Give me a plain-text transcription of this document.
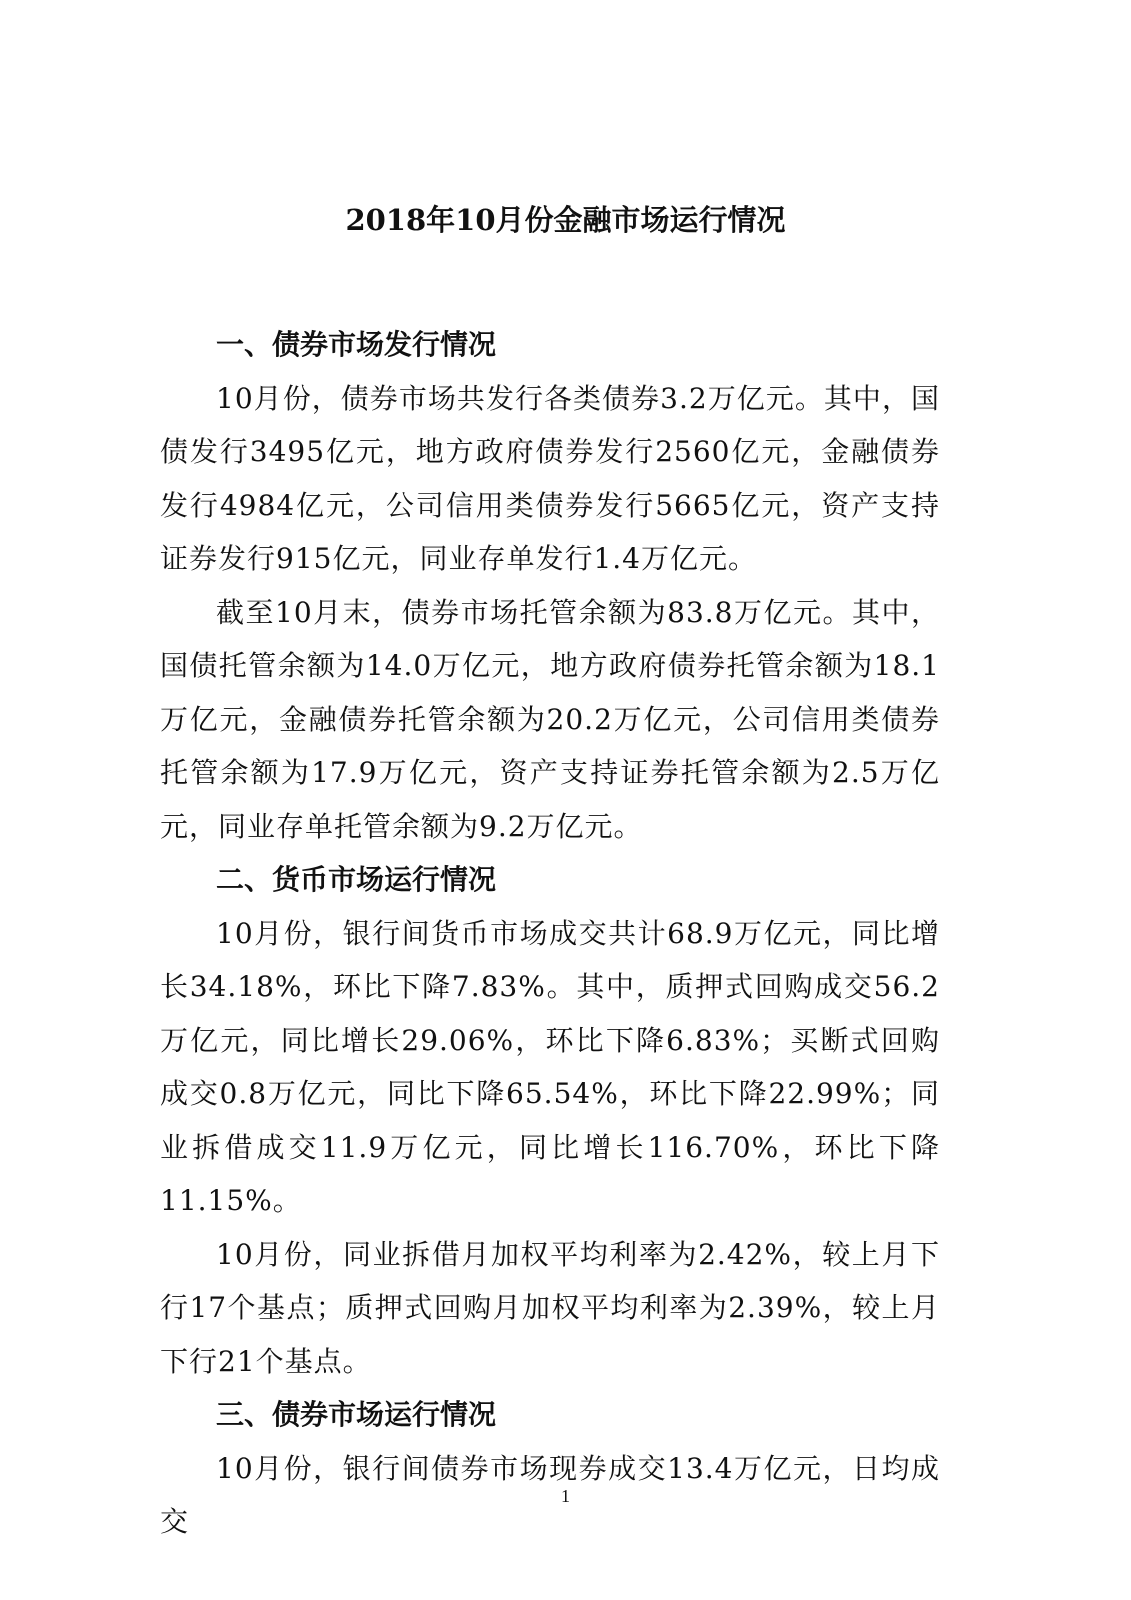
2018年10月份金融市场运行情况

一、债券市场发行情况

10月份，债券市场共发行各类债券3.2万亿元。其中，国债发行3495亿元，地方政府债券发行2560亿元，金融债券发行4984亿元，公司信用类债券发行5665亿元，资产支持证券发行915亿元，同业存单发行1.4万亿元。

截至10月末，债券市场托管余额为83.8万亿元。其中，国债托管余额为14.0万亿元，地方政府债券托管余额为18.1万亿元，金融债券托管余额为20.2万亿元，公司信用类债券托管余额为17.9万亿元，资产支持证券托管余额为2.5万亿元，同业存单托管余额为9.2万亿元。

二、货币市场运行情况

10月份，银行间货币市场成交共计68.9万亿元，同比增长34.18%，环比下降7.83%。其中，质押式回购成交56.2万亿元，同比增长29.06%，环比下降6.83%；买断式回购成交0.8万亿元，同比下降65.54%，环比下降22.99%；同业拆借成交11.9万亿元，同比增长116.70%，环比下降11.15%。

10月份，同业拆借月加权平均利率为2.42%，较上月下行17个基点；质押式回购月加权平均利率为2.39%，较上月下行21个基点。

三、债券市场运行情况

10月份，银行间债券市场现券成交13.4万亿元，日均成交

1
